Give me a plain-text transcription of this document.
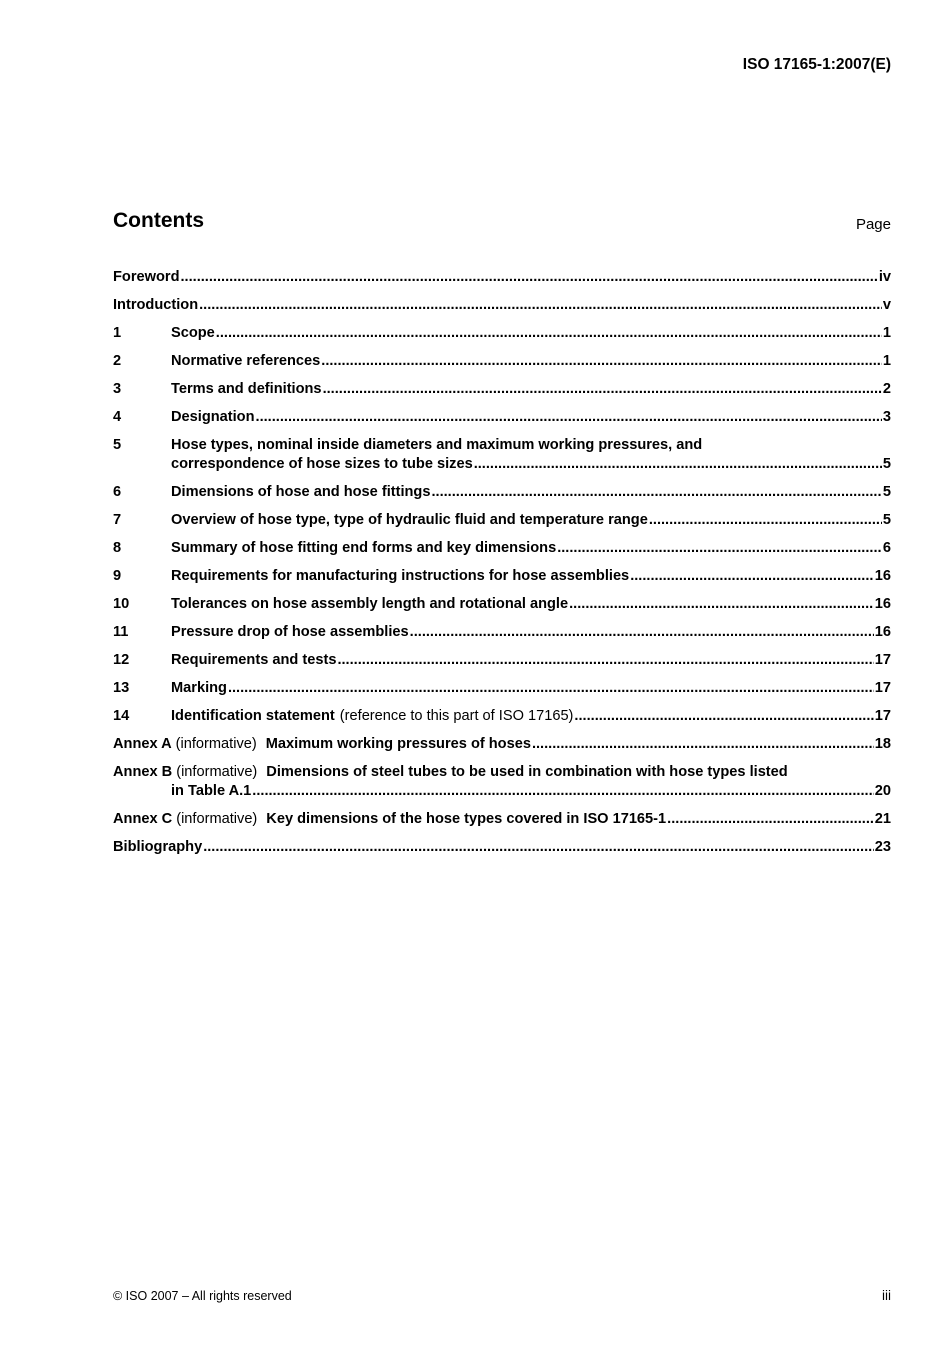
ISO 17165-1:2007(E)

Contents	Page

Foreword .....	iv
Introduction .....	v
1	Scope .....	1
2	Normative references .....	1
3	Terms and definitions .....	2
4	Designation .....	3
5	Hose types, nominal inside diameters and maximum working pressures, and
correspondence of hose sizes to tube sizes .....	5
6	Dimensions of hose and hose fittings .....	5
7	Overview of hose type, type of hydraulic fluid and temperature range .....	5
8	Summary of hose fitting end forms and key dimensions .....	6
9	Requirements for manufacturing instructions for hose assemblies .....	16
10	Tolerances on hose assembly length and rotational angle .....	16
11	Pressure drop of hose assemblies .....	16
12	Requirements and tests .....	17
13	Marking .....	17
14	Identification statement (reference to this part of ISO 17165) .....	17
Annex A (informative) Maximum working pressures of hoses .....	18
Annex B (informative) Dimensions of steel tubes to be used in combination with hose types listed
in Table A.1 .....	20
Annex C (informative) Key dimensions of the hose types covered in ISO 17165-1 .....	21
Bibliography .....	23

© ISO 2007 – All rights reserved	iii
